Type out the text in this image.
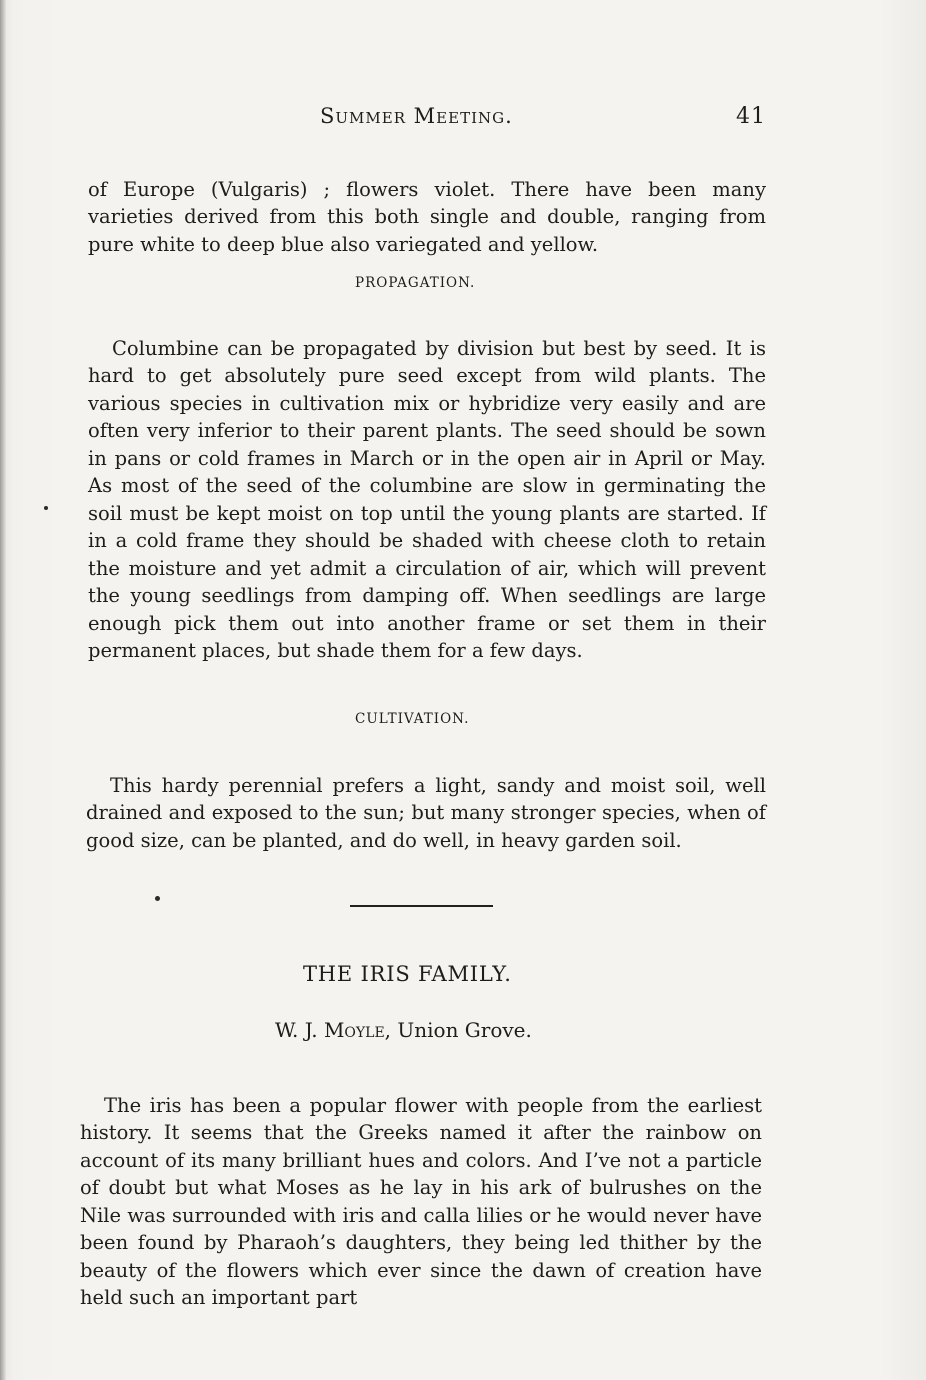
Summer Meeting.	41

of Europe (Vulgaris) ; flowers violet. There have been many varieties derived from this both single and double, ranging from pure white to deep blue also variegated and yellow.

PROPAGATION.

Columbine can be propagated by division but best by seed. It is hard to get absolutely pure seed except from wild plants. The various species in cultivation mix or hybridize very easily and are often very inferior to their parent plants. The seed should be sown in pans or cold frames in March or in the open air in April or May. As most of the seed of the columbine are slow in germinating the soil must be kept moist on top until the young plants are started. If in a cold frame they should be shaded with cheese cloth to retain the moisture and yet admit a circulation of air, which will prevent the young seedlings from damping off. When seedlings are large enough pick them out into another frame or set them in their permanent places, but shade them for a few days.

CULTIVATION.

This hardy perennial prefers a light, sandy and moist soil, well drained and exposed to the sun; but many stronger species, when of good size, can be planted, and do well, in heavy garden soil.

THE IRIS FAMILY.
W. J. Moyle, Union Grove.

The iris has been a popular flower with people from the earliest history. It seems that the Greeks named it after the rainbow on account of its many brilliant hues and colors. And I’ve not a particle of doubt but what Moses as he lay in his ark of bulrushes on the Nile was surrounded with iris and calla lilies or he would never have been found by Pharaoh’s daughters, they being led thither by the beauty of the flowers which ever since the dawn of creation have held such an important part
